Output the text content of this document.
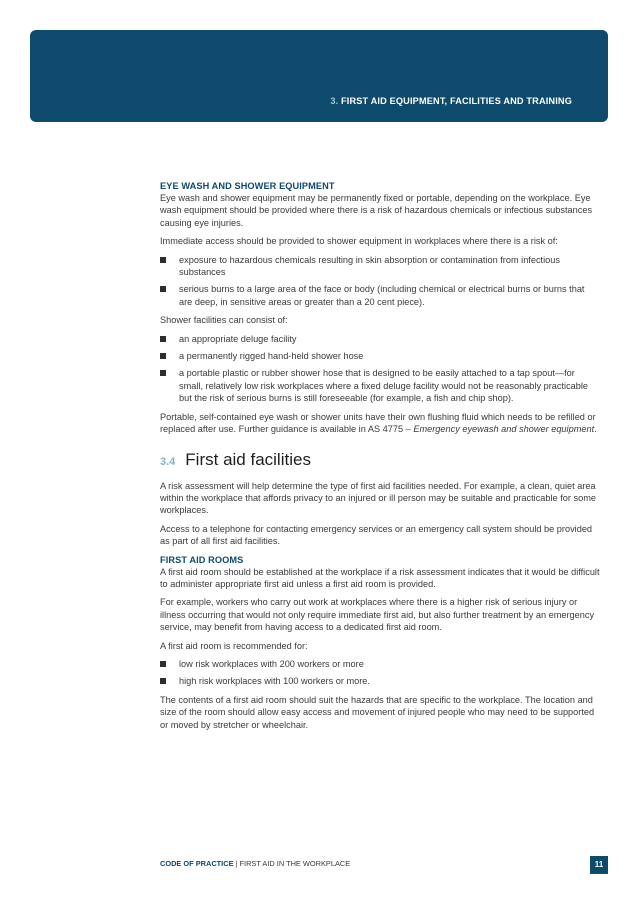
3. FIRST AID EQUIPMENT, FACILITIES AND TRAINING
EYE WASH AND SHOWER EQUIPMENT

Eye wash and shower equipment may be permanently fixed or portable, depending on the workplace. Eye wash equipment should be provided where there is a risk of hazardous chemicals or infectious substances causing eye injuries.

Immediate access should be provided to shower equipment in workplaces where there is a risk of:

exposure to hazardous chemicals resulting in skin absorption or contamination from infectious substances
serious burns to a large area of the face or body (including chemical or electrical burns or burns that are deep, in sensitive areas or greater than a 20 cent piece).

Shower facilities can consist of:

an appropriate deluge facility
a permanently rigged hand-held shower hose
a portable plastic or rubber shower hose that is designed to be easily attached to a tap spout—for small, relatively low risk workplaces where a fixed deluge facility would not be reasonably practicable but the risk of serious burns is still foreseeable (for example, a fish and chip shop).

Portable, self-contained eye wash or shower units have their own flushing fluid which needs to be refilled or replaced after use. Further guidance is available in AS 4775 – Emergency eyewash and shower equipment.

3.4 First aid facilities

A risk assessment will help determine the type of first aid facilities needed. For example, a clean, quiet area within the workplace that affords privacy to an injured or ill person may be suitable and practicable for some workplaces.

Access to a telephone for contacting emergency services or an emergency call system should be provided as part of all first aid facilities.

FIRST AID ROOMS

A first aid room should be established at the workplace if a risk assessment indicates that it would be difficult to administer appropriate first aid unless a first aid room is provided.

For example, workers who carry out work at workplaces where there is a higher risk of serious injury or illness occurring that would not only require immediate first aid, but also further treatment by an emergency service, may benefit from having access to a dedicated first aid room.

A first aid room is recommended for:

low risk workplaces with 200 workers or more
high risk workplaces with 100 workers or more.

The contents of a first aid room should suit the hazards that are specific to the workplace. The location and size of the room should allow easy access and movement of injured people who may need to be supported or moved by stretcher or wheelchair.

CODE OF PRACTICE | FIRST AID IN THE WORKPLACE	11
